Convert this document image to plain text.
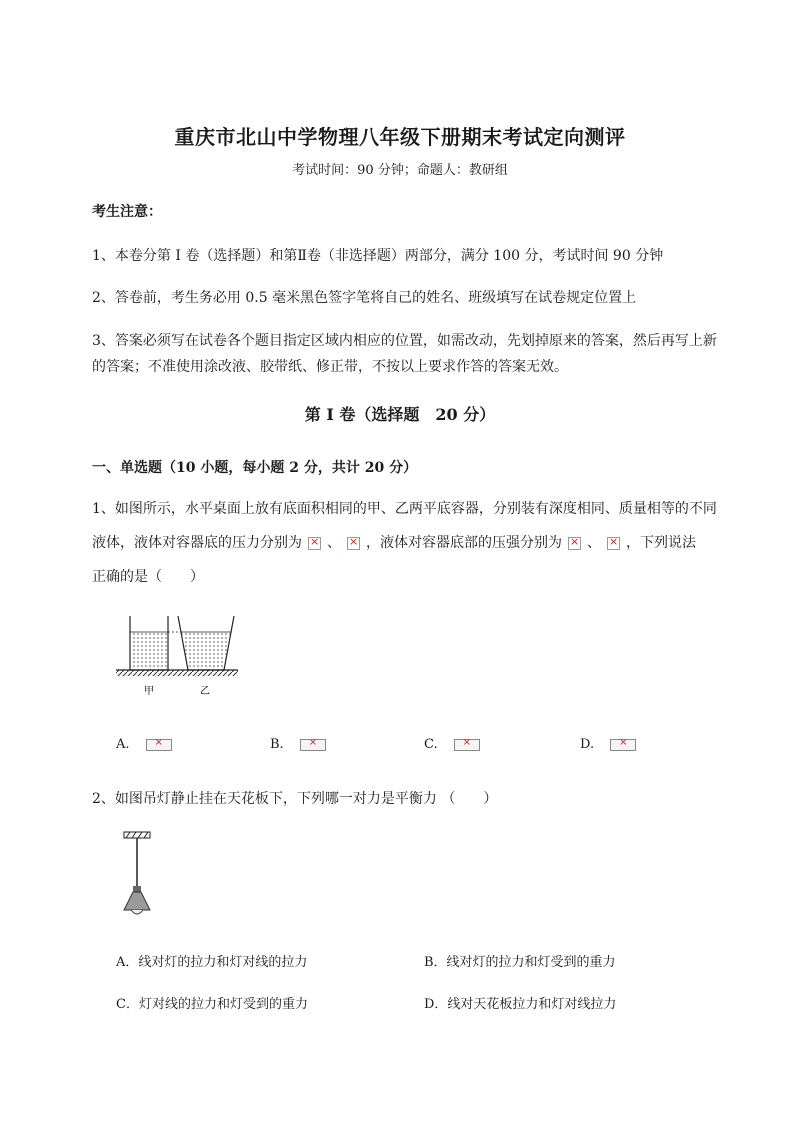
重庆市北山中学物理八年级下册期末考试定向测评
考试时间：90 分钟；命题人：教研组
考生注意：
1、本卷分第 I 卷（选择题）和第Ⅱ卷（非选择题）两部分，满分 100 分，考试时间 90 分钟
2、答卷前，考生务必用 0.5 毫米黑色签字笔将自己的姓名、班级填写在试卷规定位置上
3、答案必须写在试卷各个题目指定区域内相应的位置，如需改动，先划掉原来的答案，然后再写上新
的答案；不准使用涂改液、胶带纸、修正带，不按以上要求作答的答案无效。
第 I 卷（选择题　20 分）
一、单选题（10 小题，每小题 2 分，共计 20 分）
1、如图所示，水平桌面上放有底面积相同的甲、乙两平底容器，分别装有深度相同、质量相等的不同
液体，液体对容器底的压力分别为 × 、 × ，液体对容器底部的压强分别为 × 、 × ，下列说法
正确的是（　　）
甲	乙
A. ×	B. ×	C. ×	D.×
2、如图吊灯静止挂在天花板下，下列哪一对力是平衡力 （　　）
A．线对灯的拉力和灯对线的拉力	B．线对灯的拉力和灯受到的重力
C．灯对线的拉力和灯受到的重力	D．线对天花板拉力和灯对线拉力
